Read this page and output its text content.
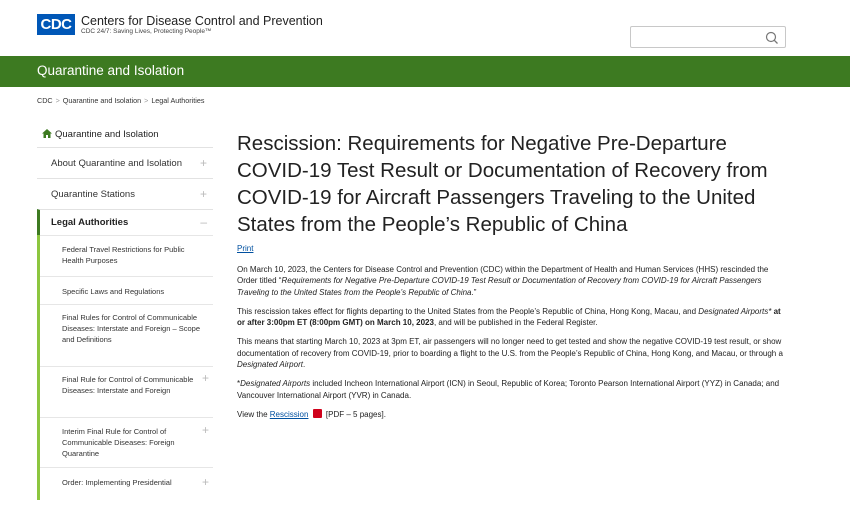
CDC Centers for Disease Control and Prevention
CDC 24/7: Saving Lives, Protecting People™
Quarantine and Isolation
CDC > Quarantine and Isolation > Legal Authorities
Quarantine and Isolation
About Quarantine and Isolation +
Quarantine Stations	+
Legal Authorities	–
Federal Travel Restrictions for Public Health Purposes
Specific Laws and Regulations
Final Rules for Control of Communicable Diseases: Interstate and Foreign – Scope and Definitions
Final Rule for Control of Communicable Diseases: Interstate and Foreign
+
Interim Final Rule for Control of Communicable Diseases: Foreign Quarantine
+
Order: Implementing Presidential	+
Rescission: Requirements for Negative Pre-Departure COVID-19 Test Result or Documentation of Recovery from COVID-19 for Aircraft Passengers Traveling to the United States from the People’s Republic of China
Print

On March 10, 2023, the Centers for Disease Control and Prevention (CDC) within the Department of Health and Human Services (HHS) rescinded the Order titled “Requirements for Negative Pre-Departure COVID-19 Test Result or Documentation of Recovery from COVID-19 for Aircraft Passengers Traveling to the United States from the People’s Republic of China.”

This rescission takes effect for flights departing to the United States from the People’s Republic of China, Hong Kong, Macau, and Designated Airports* at or after 3:00pm ET (8:00pm GMT) on March 10, 2023, and will be published in the Federal Register.

This means that starting March 10, 2023 at 3pm ET, air passengers will no longer need to get tested and show the negative COVID-19 test result, or show documentation of recovery from COVID-19, prior to boarding a flight to the U.S. from the People’s Republic of China, Hong Kong, and Macau, or through a Designated Airport.

*Designated Airports included Incheon International Airport (ICN) in Seoul, Republic of Korea; Toronto Pearson International Airport (YYZ) in Canada; and Vancouver International Airport (YVR) in Canada.

View the Rescission  [PDF – 5 pages].
